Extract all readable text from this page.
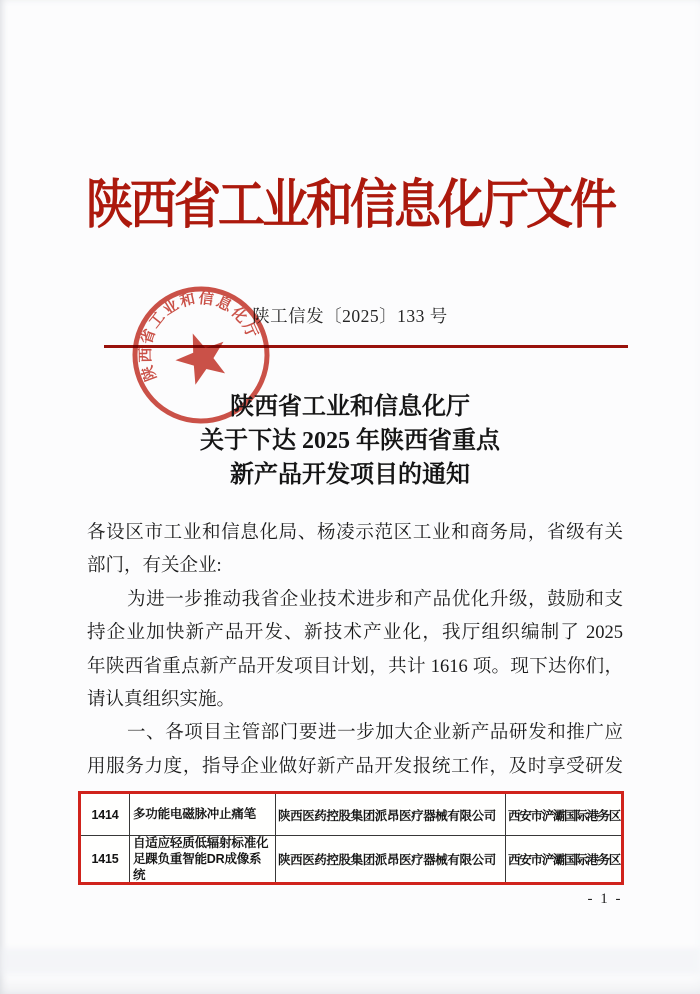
陕西省工业和信息化厅文件
陕工信发〔2025〕133 号
陕西省工业和信息化厅
陕西省工业和信息化厅
关于下达 2025 年陕西省重点
新产品开发项目的通知
各设区市工业和信息化局、杨凌示范区工业和商务局，省级有关
部门，有关企业:
为进一步推动我省企业技术进步和产品优化升级，鼓励和支
持企业加快新产品开发、新技术产业化，我厅组织编制了 2025
年陕西省重点新产品开发项目计划，共计 1616 项。现下达你们，
请认真组织实施。
一、各项目主管部门要进一步加大企业新产品研发和推广应
用服务力度，指导企业做好新产品开发报统工作，及时享受研发
1414	多功能电磁脉冲止痛笔	陕西医药控股集团派昂医疗器械有限公司 西安市浐灞国际港务区
1415
自适应轻质低辐射标准化足踝负重智能DR成像系统
陕西医药控股集团派昂医疗器械有限公司 西安市浐灞国际港务区
- 1 -
